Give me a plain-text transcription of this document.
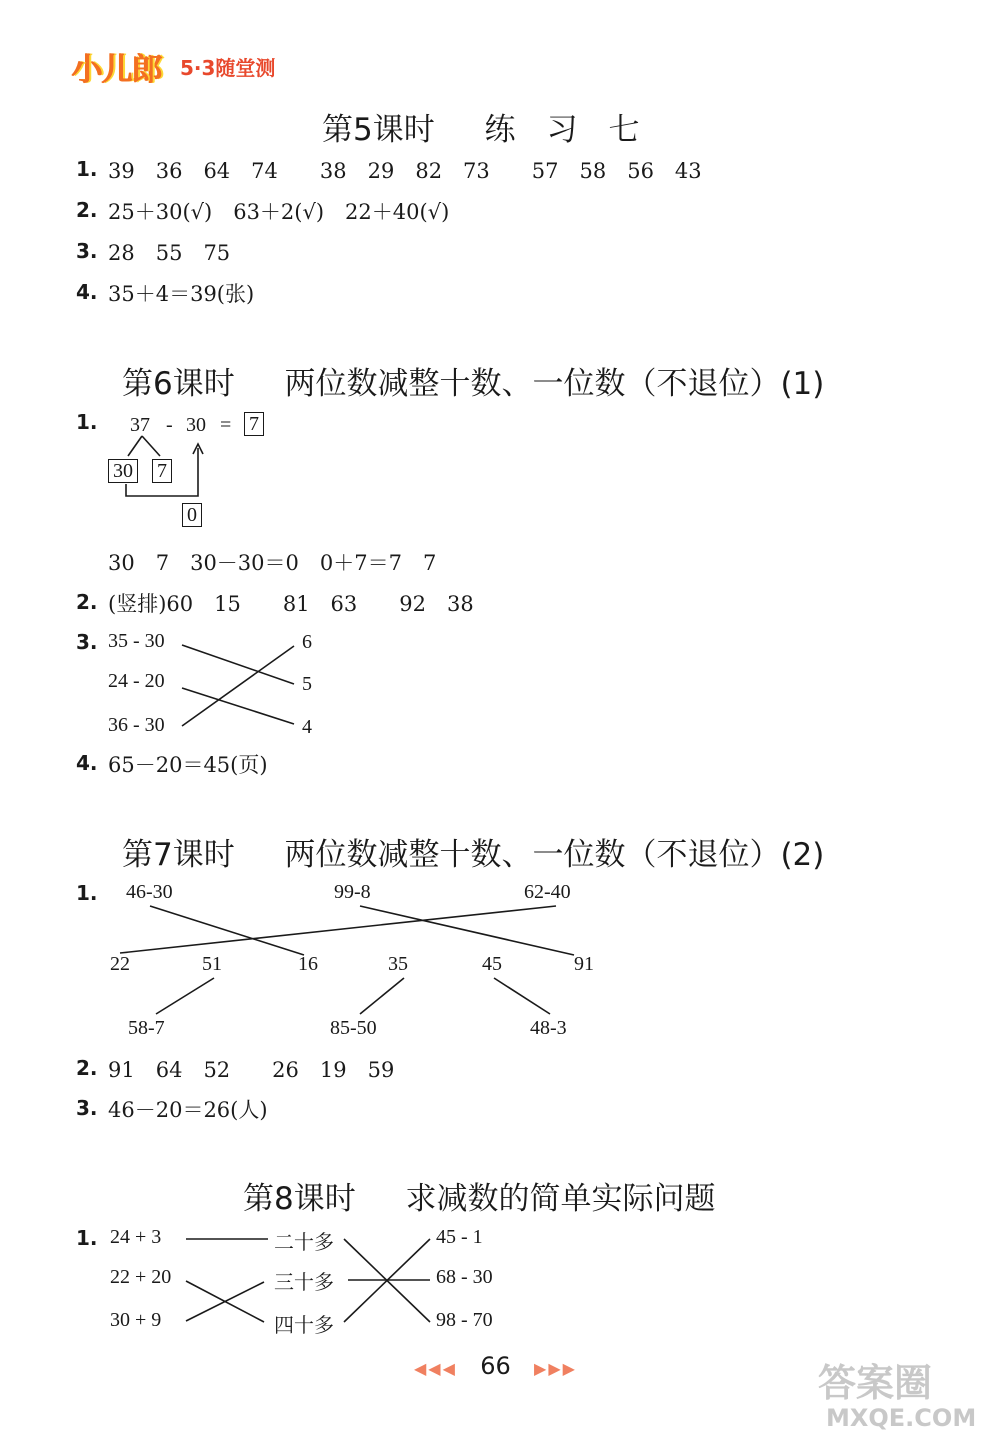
小儿郎 5·3随堂测
第5课时 练　习　七
1. 39　36　64　74　　38　29　82　73　　57　58　56　43
2. 25＋30(√)　63＋2(√)　22＋40(√)
3. 28　55　75
4. 35＋4＝39(张)
第6课时 两位数减整十数、一位数（不退位）(1)
1. 37 - 30 = 7
30 7
0
30　7　30－30＝0　0＋7＝7　7
2. (竖排)60　15　　81　63　　92　38
3. 35 - 30
24 - 20
36 - 30
6
5
4
4. 65－20＝45(页)
第7课时 两位数减整十数、一位数（不退位）(2)
1. 46-30	99-8	62-40
22	51	16	35	45	91
58-7	85-50	48-3
2. 91　64　52　　26　19　59
3. 46－20＝26(人)
第8课时 求减数的简单实际问题
1. 24 + 3
22 + 20
30 + 9
二十多
三十多
四十多
45 - 1
68 - 30
98 - 70
◀◀◀ 66 ▶▶▶	答案圈
MXQE.COM
